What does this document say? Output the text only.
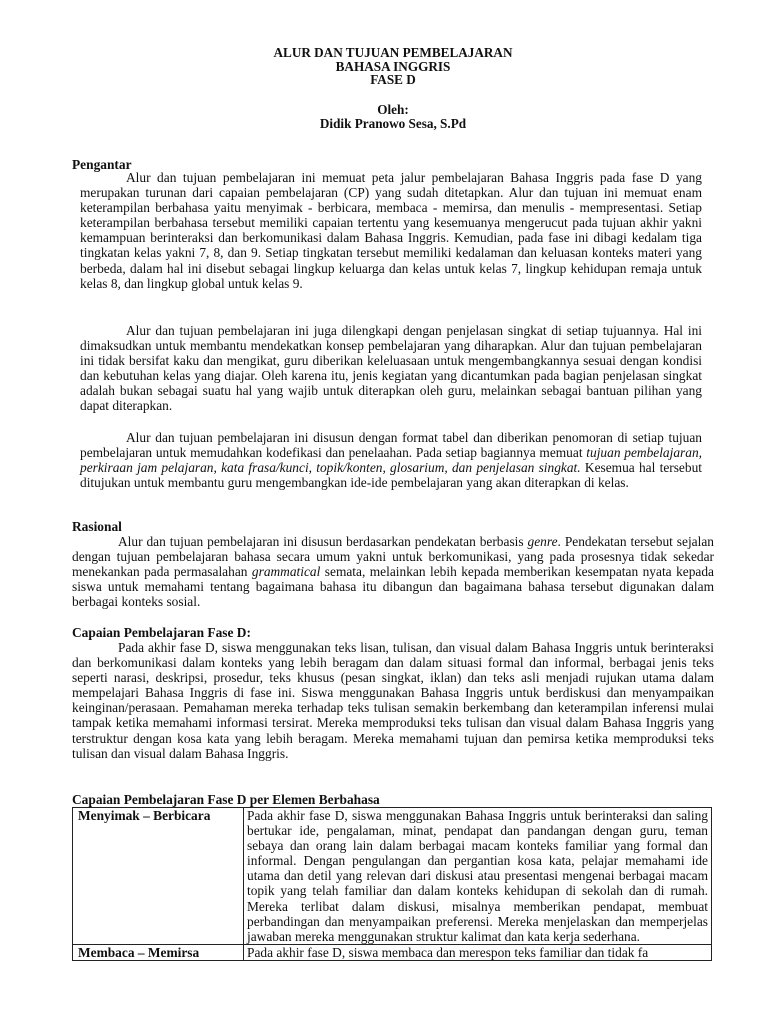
ALUR DAN TUJUAN PEMBELAJARAN
BAHASA INGGRIS
FASE D
Oleh:
Didik Pranowo Sesa, S.Pd
Pengantar

Alur dan tujuan pembelajaran ini memuat peta jalur pembelajaran Bahasa Inggris pada fase D yang merupakan turunan dari capaian pembelajaran (CP) yang sudah ditetapkan. Alur dan tujuan ini memuat enam keterampilan berbahasa yaitu menyimak - berbicara, membaca - memirsa, dan menulis - mempresentasi. Setiap keterampilan berbahasa tersebut memiliki capaian tertentu yang kesemuanya mengerucut pada tujuan akhir yakni kemampuan berinteraksi dan berkomunikasi dalam Bahasa Inggris. Kemudian, pada fase ini dibagi kedalam tiga tingkatan kelas yakni 7, 8, dan 9. Setiap tingkatan tersebut memiliki kedalaman dan keluasan konteks materi yang berbeda, dalam hal ini disebut sebagai lingkup keluarga dan kelas untuk kelas 7, lingkup kehidupan remaja untuk kelas 8, dan lingkup global untuk kelas 9.

Alur dan tujuan pembelajaran ini juga dilengkapi dengan penjelasan singkat di setiap tujuannya. Hal ini dimaksudkan untuk membantu mendekatkan konsep pembelajaran yang diharapkan. Alur dan tujuan pembelajaran ini tidak bersifat kaku dan mengikat, guru diberikan keleluasaan untuk mengembangkannya sesuai dengan kondisi dan kebutuhan kelas yang diajar. Oleh karena itu, jenis kegiatan yang dicantumkan pada bagian penjelasan singkat adalah bukan sebagai suatu hal yang wajib untuk diterapkan oleh guru, melainkan sebagai bantuan pilihan yang dapat diterapkan.

Alur dan tujuan pembelajaran ini disusun dengan format tabel dan diberikan penomoran di setiap tujuan pembelajaran untuk memudahkan kodefikasi dan penelaahan. Pada setiap bagiannya memuat tujuan pembelajaran, perkiraan jam pelajaran, kata frasa/kunci, topik/konten, glosarium, dan penjelasan singkat. Kesemua hal tersebut ditujukan untuk membantu guru mengembangkan ide-ide pembelajaran yang akan diterapkan di kelas.

Rasional

Alur dan tujuan pembelajaran ini disusun berdasarkan pendekatan berbasis genre. Pendekatan tersebut sejalan dengan tujuan pembelajaran bahasa secara umum yakni untuk berkomunikasi, yang pada prosesnya tidak sekedar menekankan pada permasalahan grammatical semata, melainkan lebih kepada memberikan kesempatan nyata kepada siswa untuk memahami tentang bagaimana bahasa itu dibangun dan bagaimana bahasa tersebut digunakan dalam berbagai konteks sosial.

Capaian Pembelajaran Fase D:

Pada akhir fase D, siswa menggunakan teks lisan, tulisan, dan visual dalam Bahasa Inggris untuk berinteraksi dan berkomunikasi dalam konteks yang lebih beragam dan dalam situasi formal dan informal, berbagai jenis teks seperti narasi, deskripsi, prosedur, teks khusus (pesan singkat, iklan) dan teks asli menjadi rujukan utama dalam mempelajari Bahasa Inggris di fase ini. Siswa menggunakan Bahasa Inggris untuk berdiskusi dan menyampaikan keinginan/perasaan. Pemahaman mereka terhadap teks tulisan semakin berkembang dan keterampilan inferensi mulai tampak ketika memahami informasi tersirat. Mereka memproduksi teks tulisan dan visual dalam Bahasa Inggris yang terstruktur dengan kosa kata yang lebih beragam. Mereka memahami tujuan dan pemirsa ketika memproduksi teks tulisan dan visual dalam Bahasa Inggris.

Capaian Pembelajaran Fase D per Elemen Berbahasa
Menyimak – Berbicara	Pada akhir fase D, siswa menggunakan Bahasa Inggris untuk berinteraksi dan saling bertukar ide, pengalaman, minat, pendapat dan pandangan dengan guru, teman sebaya dan orang lain dalam berbagai macam konteks familiar yang formal dan informal. Dengan pengulangan dan pergantian kosa kata, pelajar memahami ide utama dan detil yang relevan dari diskusi atau presentasi mengenai berbagai macam topik yang telah familiar dan dalam konteks kehidupan di sekolah dan di rumah. Mereka terlibat dalam diskusi, misalnya memberikan pendapat, membuat perbandingan dan menyampaikan preferensi. Mereka menjelaskan dan memperjelas jawaban mereka menggunakan struktur kalimat dan kata kerja sederhana.
Membaca – Memirsa	Pada akhir fase D, siswa membaca dan merespon teks familiar dan tidak fa
